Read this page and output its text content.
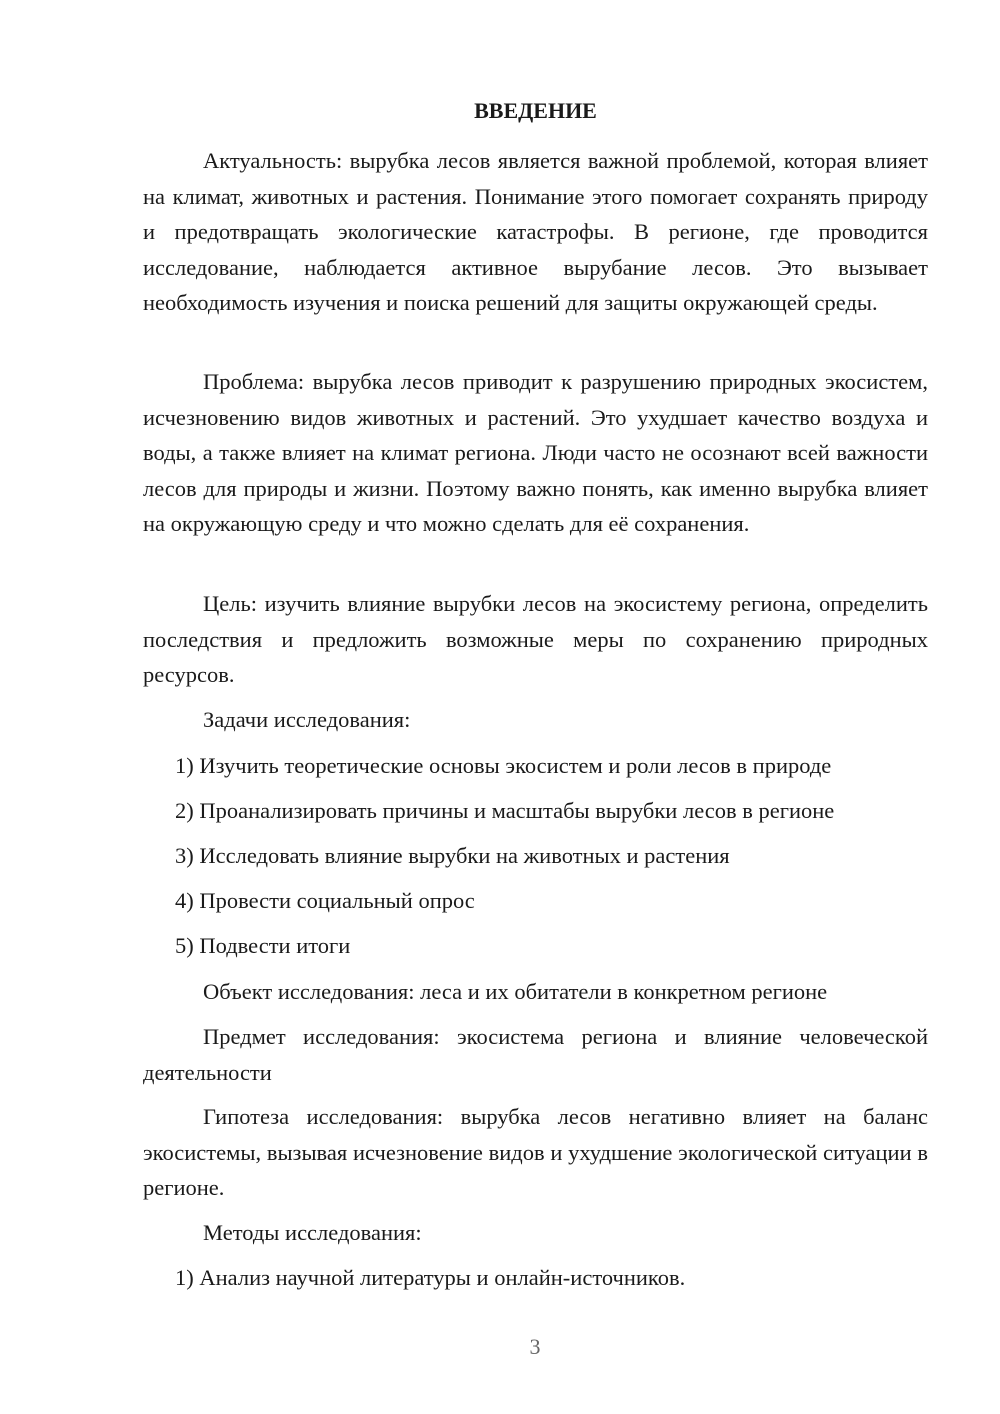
ВВЕДЕНИЕ

Актуальность: вырубка лесов является важной проблемой, которая влияет на климат, животных и растения. Понимание этого помогает сохранять природу и предотвращать экологические катастрофы. В регионе, где проводится исследование, наблюдается активное вырубание лесов. Это вызывает необходимость изучения и поиска решений для защиты окружающей среды.

Проблема: вырубка лесов приводит к разрушению природных экосистем, исчезновению видов животных и растений. Это ухудшает качество воздуха и воды, а также влияет на климат региона. Люди часто не осознают всей важности лесов для природы и жизни. Поэтому важно понять, как именно вырубка влияет на окружающую среду и что можно сделать для её сохранения.

Цель: изучить влияние вырубки лесов на экосистему региона, определить последствия и предложить возможные меры по сохранению природных ресурсов.

Задачи исследования:

1) Изучить теоретические основы экосистем и роли лесов в природе

2) Проанализировать причины и масштабы вырубки лесов в регионе

3) Исследовать влияние вырубки на животных и растения

4) Провести социальный опрос

5) Подвести итоги

Объект исследования: леса и их обитатели в конкретном регионе

Предмет исследования: экосистема региона и влияние человеческой деятельности

Гипотеза исследования: вырубка лесов негативно влияет на баланс экосистемы, вызывая исчезновение видов и ухудшение экологической ситуации в регионе.

Методы исследования:

1) Анализ научной литературы и онлайн-источников.

3
